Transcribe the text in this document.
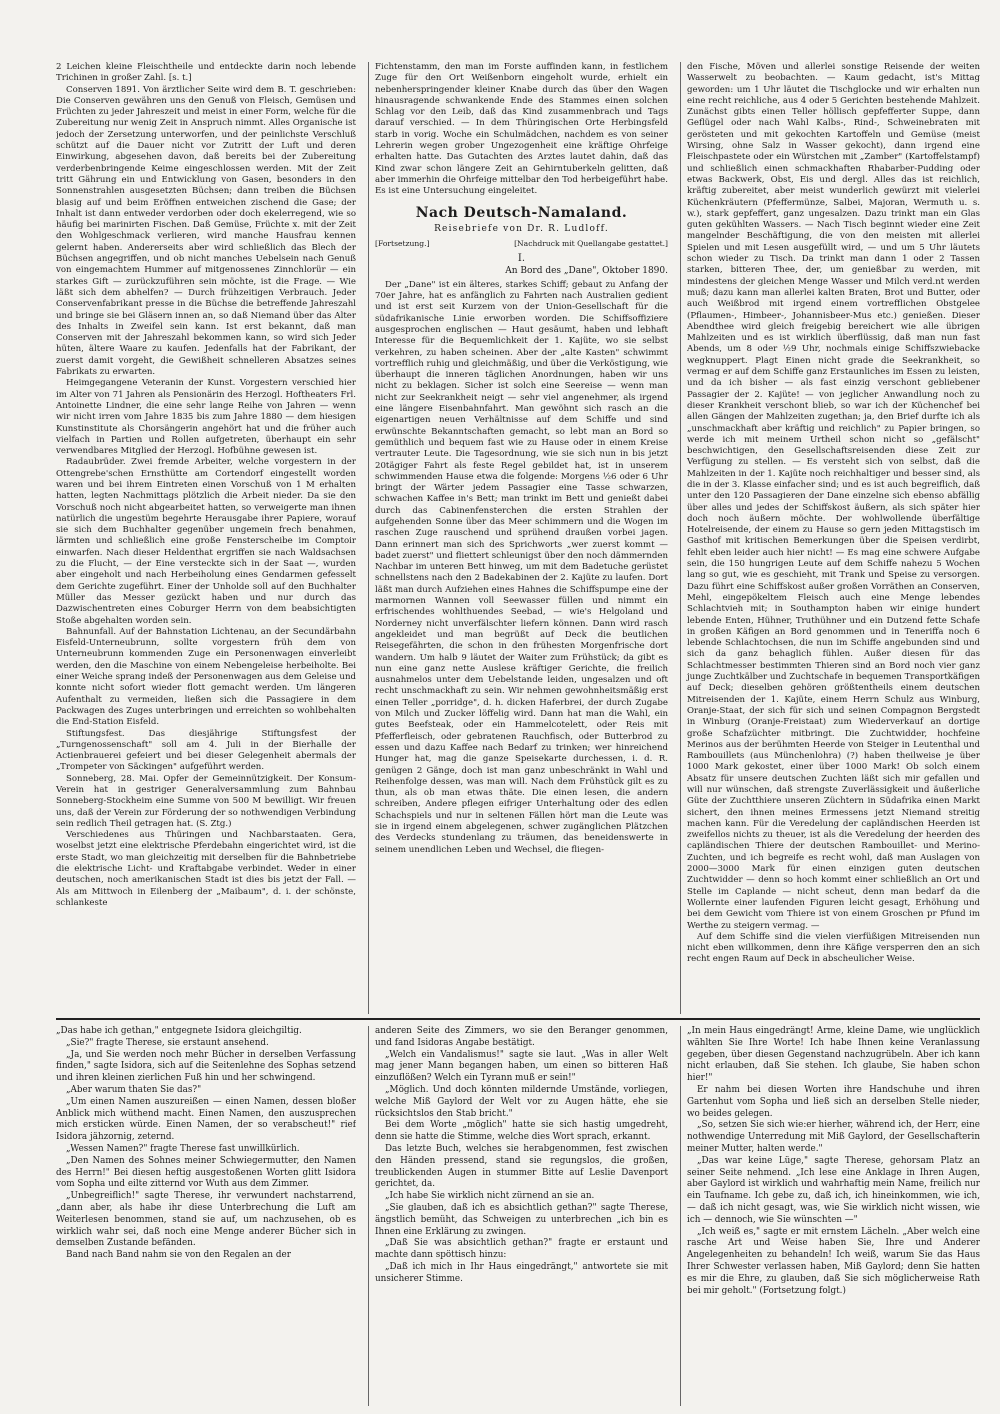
2 Leichen kleine Fleischtheile und entdeckte darin noch lebende Trichinen in großer Zahl. [s. t.]

Conserven 1891. Von ärztlicher Seite wird dem B. T. geschrieben: Die Conserven gewähren uns den Genuß von Fleisch, Gemüsen und Früchten zu jeder Jahreszeit und meist in einer Form, welche für die Zubereitung nur wenig Zeit in Anspruch nimmt. Alles Organische ist jedoch der Zersetzung unterworfen, und der peinlichste Verschluß schützt auf die Dauer nicht vor Zutritt der Luft und deren Einwirkung, abgesehen davon, daß bereits bei der Zubereitung verderbenbringende Keime eingeschlossen werden. Mit der Zeit tritt Gährung ein und Entwicklung von Gasen, besonders in den Sonnenstrahlen ausgesetzten Büchsen; dann treiben die Büchsen blasig auf und beim Eröffnen entweichen zischend die Gase; der Inhalt ist dann entweder verdorben oder doch ekelerregend, wie so häufig bei marinirten Fischen. Daß Gemüse, Früchte x. mit der Zeit den Wohlgeschmack verlieren, wird manche Hausfrau kennen gelernt haben. Andererseits aber wird schließlich das Blech der Büchsen angegriffen, und ob nicht manches Uebelsein nach Genuß von eingemachtem Hummer auf mitgenossenes Zinnchlorür — ein starkes Gift — zurückzuführen sein möchte, ist die Frage. — Wie läßt sich dem abhelfen? — Durch frühzeitigen Verbrauch. Jeder Conservenfabrikant presse in die Büchse die betreffende Jahreszahl und bringe sie bei Gläsern innen an, so daß Niemand über das Alter des Inhalts in Zweifel sein kann. Ist erst bekannt, daß man Conserven mit der Jahreszahl bekommen kann, so wird sich Jeder hüten, ältere Waare zu kaufen. Jedenfalls hat der Fabrikant, der zuerst damit vorgeht, die Gewißheit schnelleren Absatzes seines Fabrikats zu erwarten.

Heimgegangene Veteranin der Kunst. Vorgestern verschied hier im Alter von 71 Jahren als Pensionärin des Herzogl. Hoftheaters Frl. Antoinette Lindner, die eine sehr lange Reihe von Jahren — wenn wir nicht irren vom Jahre 1835 bis zum Jahre 1880 — dem hiesigen Kunstinstitute als Chorsängerin angehört hat und die früher auch vielfach in Partien und Rollen aufgetreten, überhaupt ein sehr verwendbares Mitglied der Herzogl. Hofbühne gewesen ist.

Radaubrüder. Zwei fremde Arbeiter, welche vorgestern in der Ottengrebe'schen Ernsthütte am Cortendorf eingestellt worden waren und bei ihrem Eintreten einen Vorschuß von 1 M erhalten hatten, legten Nachmittags plötzlich die Arbeit nieder. Da sie den Vorschuß noch nicht abgearbeitet hatten, so verweigerte man ihnen natürlich die ungestüm begehrte Herausgabe ihrer Papiere, worauf sie sich dem Buchhalter gegenüber ungemein frech benahmen, lärmten und schließlich eine große Fensterscheibe im Comptoir einwarfen. Nach dieser Heldenthat ergriffen sie nach Waldsachsen zu die Flucht, — der Eine versteckte sich in der Saat —, wurden aber eingeholt und nach Herbeiholung eines Gendarmen gefesselt dem Gerichte zugeführt. Einer der Unholde soll auf den Buchhalter Müller das Messer gezückt haben und nur durch das Dazwischentreten eines Coburger Herrn von dem beabsichtigten Stoße abgehalten worden sein.

Bahnunfall. Auf der Bahnstation Lichtenau, an der Secundärbahn Eisfeld-Unterneubrunn, sollte vorgestern früh dem von Unterneubrunn kommenden Zuge ein Personenwagen einverleibt werden, den die Maschine von einem Nebengeleise herbeiholte. Bei einer Weiche sprang indeß der Personenwagen aus dem Geleise und konnte nicht sofort wieder flott gemacht werden. Um längeren Aufenthalt zu vermeiden, ließen sich die Passagiere in dem Packwagen des Zuges unterbringen und erreichten so wohlbehalten die End-Station Eisfeld.

Stiftungsfest. Das diesjährige Stiftungsfest der „Turngenossenschaft" soll am 4. Juli in der Bierhalle der Actienbrauerei gefeiert und bei dieser Gelegenheit abermals der „Trompeter von Säckingen" aufgeführt werden.

Sonneberg, 28. Mai. Opfer der Gemeinnützigkeit. Der Konsum-Verein hat in gestriger Generalversammlung zum Bahnbau Sonneberg-Stockheim eine Summe von 500 M bewilligt. Wir freuen uns, daß der Verein zur Förderung der so nothwendigen Verbindung sein redlich Theil getragen hat. (S. Ztg.)

Verschiedenes aus Thüringen und Nachbarstaaten. Gera, woselbst jetzt eine elektrische Pferdebahn eingerichtet wird, ist die erste Stadt, wo man gleichzeitig mit derselben für die Bahnbetriebe die elektrische Licht- und Kraftabgabe verbindet. Weder in einer deutschen, noch amerikanischen Stadt ist dies bis jetzt der Fall. — Als am Mittwoch in Eilenberg der „Maibaum", d. i. der schönste, schlankeste

Fichtenstamm, den man im Forste auffinden kann, in festlichem Zuge für den Ort Weißenborn eingeholt wurde, erhielt ein nebenherspringender kleiner Knabe durch das über den Wagen hinausragende schwankende Ende des Stammes einen solchen Schlag vor den Leib, daß das Kind zusammenbrach und Tags darauf verschied. — In dem Thüringischen Orte Herbingsfeld starb in vorig. Woche ein Schulmädchen, nachdem es von seiner Lehrerin wegen grober Ungezogenheit eine kräftige Ohrfeige erhalten hatte. Das Gutachten des Arztes lautet dahin, daß das Kind zwar schon längere Zeit an Gehirntuberkeln gelitten, daß aber immerhin die Ohrfeige mittelbar den Tod herbeigeführt habe. Es ist eine Untersuchung eingeleitet.

Nach Deutsch-Namaland.
Reisebriefe von Dr. R. Ludloff.
[Fortsetzung.]	[Nachdruck mit Quellangabe gestattet.]
I.
An Bord des „Dane", Oktober 1890.

Der „Dane" ist ein älteres, starkes Schiff; gebaut zu Anfang der 70er Jahre, hat es anfänglich zu Fahrten nach Australien gedient und ist erst seit Kurzem von der Union-Gesellschaft für die südafrikanische Linie erworben worden. Die Schiffsoffiziere ausgesprochen englischen — Haut gesäumt, haben und lebhaft Interesse für die Bequemlichkeit der 1. Kajüte, wo sie selbst verkehren, zu haben scheinen. Aber der „alte Kasten" schwimmt vortrefflich ruhig und gleichmäßig, und über die Verköstigung, wie überhaupt die inneren täglichen Anordnungen, haben wir uns nicht zu beklagen. Sicher ist solch eine Seereise — wenn man nicht zur Seekrankheit neigt — sehr viel angenehmer, als irgend eine längere Eisenbahnfahrt. Man gewöhnt sich rasch an die eigenartigen neuen Verhältnisse auf dem Schiffe und sind erwünschte Bekanntschaften gemacht, so lebt man an Bord so gemüthlich und bequem fast wie zu Hause oder in einem Kreise vertrauter Leute. Die Tagesordnung, wie sie sich nun in bis jetzt 20tägiger Fahrt als feste Regel gebildet hat, ist in unserem schwimmenden Hause etwa die folgende: Morgens ½6 oder 6 Uhr bringt der Wärter jedem Passagier eine Tasse schwarzen, schwachen Kaffee in's Bett; man trinkt im Bett und genießt dabei durch das Cabinenfensterchen die ersten Strahlen der aufgehenden Sonne über das Meer schimmern und die Wogen im raschen Zuge rauschend und sprühend draußen vorbei jagen. Dann erinnert man sich des Sprichworts „wer zuerst kommt — badet zuerst" und fliettert schleunigst über den noch dämmernden Nachbar im unteren Bett hinweg, um mit dem Badetuche gerüstet schnellstens nach den 2 Badekabinen der 2. Kajüte zu laufen. Dort läßt man durch Aufziehen eines Hahnes die Schiffspumpe eine der marmornen Wannen voll Seewasser füllen und nimmt ein erfrischendes wohlthuendes Seebad, — wie's Helgoland und Norderney nicht unverfälschter liefern können. Dann wird rasch angekleidet und man begrüßt auf Deck die beutlichen Reisegefährten, die schon in den frühesten Morgenfrische dort wandern. Um halb 9 läutet der Waiter zum Frühstück; da gibt es nun eine ganz nette Auslese kräftiger Gerichte, die freilich ausnahmelos unter dem Uebelstande leiden, ungesalzen und oft recht unschmackhaft zu sein. Wir nehmen gewohnheitsmäßig erst einen Teller „porridge", d. h. dicken Haferbrei, der durch Zugabe von Milch und Zucker löffelig wird. Dann hat man die Wahl, ein gutes Beefsteak, oder ein Hammelcotelett, oder Reis mit Pfefferfleisch, oder gebratenen Rauchfisch, oder Butterbrod zu essen und dazu Kaffee nach Bedarf zu trinken; wer hinreichend Hunger hat, mag die ganze Speisekarte durchessen, i. d. R. genügen 2 Gänge, doch ist man ganz unbeschränkt in Wahl und Reihenfolge dessen, was man will. Nach dem Frühstück gilt es zu thun, als ob man etwas thäte. Die einen lesen, die andern schreiben, Andere pflegen eifriger Unterhaltung oder des edlen Schachspiels und nur in seltenen Fällen hört man die Leute was sie in irgend einem abgelegenen, schwer zugänglichen Plätzchen des Verdecks stundenlang zu träumen, das beneidenswerte in seinem unendlichen Leben und Wechsel, die fliegen-

den Fische, Möven und allerlei sonstige Reisende der weiten Wasserwelt zu beobachten. — Kaum gedacht, ist's Mittag geworden: um 1 Uhr läutet die Tischglocke und wir erhalten nun eine recht reichliche, aus 4 oder 5 Gerichten bestehende Mahlzeit. Zunächst gibts einen Teller höllisch gepfefferter Suppe, dann Geflügel oder nach Wahl Kalbs-, Rind-, Schweinebraten mit gerösteten und mit gekochten Kartoffeln und Gemüse (meist Wirsing, ohne Salz in Wasser gekocht), dann irgend eine Fleischpastete oder ein Würstchen mit „Zamber" (Kartoffelstampf) und schließlich einen schmackhaften Rhabarber-Pudding oder etwas Backwerk, Obst, Eis und dergl. Alles das ist reichlich, kräftig zubereitet, aber meist wunderlich gewürzt mit vielerlei Küchenkräutern (Pfeffermünze, Salbei, Majoran, Wermuth u. s. w.), stark gepfeffert, ganz ungesalzen. Dazu trinkt man ein Glas guten gekühlten Wassers. — Nach Tisch beginnt wieder eine Zeit mangelnder Beschäftigung, die von den meisten mit allerlei Spielen und mit Lesen ausgefüllt wird, — und um 5 Uhr läutets schon wieder zu Tisch. Da trinkt man dann 1 oder 2 Tassen starken, bitteren Thee, der, um genießbar zu werden, mit mindestens der gleichen Menge Wasser und Milch verd.nt werden muß; dazu kann man allerlei kalten Braten, Brot und Butter, oder auch Weißbrod mit irgend einem vortrefflichen Obstgelee (Pflaumen-, Himbeer-, Johannisbeer-Mus etc.) genießen. Dieser Abendthee wird gleich freigebig bereichert wie alle übrigen Mahlzeiten und es ist wirklich überflüssig, daß man nun fast Abends, um 8 oder ½9 Uhr, nochmals einige Schiffszwiebacke wegknuppert. Plagt Einen nicht grade die Seekrankheit, so vermag er auf dem Schiffe ganz Erstaunliches im Essen zu leisten, und da ich bisher — als fast einzig verschont gebliebener Passagier der 2. Kajüte! — von jeglicher Anwandlung noch zu dieser Krankheit verschont blieb, so war ich der Küchenchef bei allen Gängen der Mahlzeiten zugethan; ja, den Brief durfte ich als „unschmackhaft aber kräftig und reichlich" zu Papier bringen, so werde ich mit meinem Urtheil schon nicht so „gefälscht" beschwichtigen, den Gesellschaftsreisenden diese Zeit zur Verfügung zu stellen. — Es versteht sich von selbst, daß die Mahlzeiten in der 1. Kajüte noch reichhaltiger und besser sind, als die in der 3. Klasse einfacher sind; und es ist auch begreiflich, daß unter den 120 Passagieren der Dane einzelne sich ebenso abfällig über alles und jedes der Schiffskost äußern, als sich später hier doch noch äußern möchte. Der wohlwollende überfältige Hotelreisende, der einem zu Hause so gern jeden Mittagstisch im Gasthof mit kritischen Bemerkungen über die Speisen verdirbt, fehlt eben leider auch hier nicht! — Es mag eine schwere Aufgabe sein, die 150 hungrigen Leute auf dem Schiffe nahezu 5 Wochen lang so gut, wie es geschieht, mit Trank und Speise zu versorgen. Dazu führt eine Schiffskost außer großen Vorräthen an Conserven, Mehl, eingepökeltem Fleisch auch eine Menge lebendes Schlachtvieh mit; in Southampton haben wir einige hundert lebende Enten, Hühner, Truthühner und ein Dutzend fette Schafe in großen Käfigen an Bord genommen und in Teneriffa noch 6 lebende Schlachtochsen, die nun im Schiffe angebunden sind und sich da ganz behaglich fühlen. Außer diesen für das Schlachtmesser bestimmten Thieren sind an Bord noch vier ganz junge Zuchtkälber und Zuchtschafe in bequemen Transportkäfigen auf Deck; dieselben gehören größtentheils einem deutschen Mitreisenden der 1. Kajüte, einem Herrn Schulz aus Winburg, Oranje-Staat, der sich für sich und seinen Compagnon Bergstedt in Winburg (Oranje-Freistaat) zum Wiederverkauf an dortige große Schafzüchter mitbringt. Die Zuchtwidder, hochfeine Merinos aus der berühmten Heerde von Steiger in Leutenthal und Rambouillets (aus Münchenlohra) (?) haben theilweise je über 1000 Mark gekostet, einer über 1000 Mark! Ob solch einem Absatz für unsere deutschen Zuchten läßt sich mir gefallen und will nur wünschen, daß strengste Zuverlässigkeit und äußerliche Güte der Zuchtthiere unseren Züchtern in Südafrika einen Markt sichert, den ihnen meines Ermessens jetzt Niemand streitig machen kann. Für die Veredelung der capländischen Heerden ist zweifellos nichts zu theuer, ist als die Veredelung der heerden des capländischen Thiere der deutschen Rambouillet- und Merino-Zuchten, und ich begreife es recht wohl, daß man Auslagen von 2000—3000 Mark für einen einzigen guten deutschen Zuchtwidder — denn so hoch kommt einer schließlich an Ort und Stelle im Caplande — nicht scheut, denn man bedarf da die Wollernte einer laufenden Figuren leicht gesagt, Erhöhung und bei dem Gewicht vom Thiere ist von einem Groschen pr Pfund im Werthe zu steigern vermag. —

Auf dem Schiffe sind die vielen vierfüßigen Mitreisenden nun nicht eben willkommen, denn ihre Käfige versperren den an sich recht engen Raum auf Deck in abscheulicher Weise.

„Das habe ich gethan," entgegnete Isidora gleichgiltig.

„Sie?" fragte Therese, sie erstaunt ansehend.

„Ja, und Sie werden noch mehr Bücher in derselben Verfassung finden," sagte Isidora, sich auf die Seitenlehne des Sophas setzend und ihren kleinen zierlichen Fuß hin und her schwingend.

„Aber warum thaten Sie das?"

„Um einen Namen auszureißen — einen Namen, dessen bloßer Anblick mich wüthend macht. Einen Namen, den auszusprechen mich ersticken würde. Einen Namen, der so verabscheut!" rief Isidora jähzornig, zeternd.

„Wessen Namen?" fragte Therese fast unwillkürlich.

„Den Namen des Sohnes meiner Schwiegermutter, den Namen des Herrn!" Bei diesen heftig ausgestoßenen Worten glitt Isidora vom Sopha und eilte zitternd vor Wuth aus dem Zimmer.

„Unbegreiflich!" sagte Therese, ihr verwundert nachstarrend, „dann aber, als habe ihr diese Unterbrechung die Luft am Weiterlesen benommen, stand sie auf, um nachzusehen, ob es wirklich wahr sei, daß noch eine Menge anderer Bücher sich in demselben Zustande befänden.

Band nach Band nahm sie von den Regalen an der

anderen Seite des Zimmers, wo sie den Beranger genommen, und fand Isidoras Angabe bestätigt.

„Welch ein Vandalismus!" sagte sie laut. „Was in aller Welt mag jener Mann begangen haben, um einen so bitteren Haß einzuflößen? Welch ein Tyrann muß er sein!"

„Möglich. Und doch könnten mildernde Umstände, vorliegen, welche Miß Gaylord der Welt vor zu Augen hätte, ehe sie rücksichtslos den Stab bricht."

Bei dem Worte „möglich" hatte sie sich hastig umgedreht, denn sie hatte die Stimme, welche dies Wort sprach, erkannt.

Das letzte Buch, welches sie herabgenommen, fest zwischen den Händen pressend, stand sie regungslos, die großen, treublickenden Augen in stummer Bitte auf Leslie Davenport gerichtet, da.

„Ich habe Sie wirklich nicht zürnend an sie an.

„Sie glauben, daß ich es absichtlich gethan?" sagte Therese, ängstlich bemüht, das Schweigen zu unterbrechen „ich bin es Ihnen eine Erklärung zu zwingen.

„Daß Sie was absichtlich gethan?" fragte er erstaunt und machte dann spöttisch hinzu:

„Daß ich mich in Ihr Haus eingedrängt," antwortete sie mit unsicherer Stimme.

„In mein Haus eingedrängt! Arme, kleine Dame, wie unglücklich wählten Sie Ihre Worte! Ich habe Ihnen keine Veranlassung gegeben, über diesen Gegenstand nachzugrübeln. Aber ich kann nicht erlauben, daß Sie stehen. Ich glaube, Sie haben schon hier!"

Er nahm bei diesen Worten ihre Handschuhe und ihren Gartenhut vom Sopha und ließ sich an derselben Stelle nieder, wo beides gelegen.

„So, setzen Sie sich wie:er hierher, während ich, der Herr, eine nothwendige Unterredung mit Miß Gaylord, der Gesellschafterin meiner Mutter, halten werde."

„Das war keine Lüge," sagte Therese, gehorsam Platz an seiner Seite nehmend. „Ich lese eine Anklage in Ihren Augen, aber Gaylord ist wirklich und wahrhaftig mein Name, freilich nur ein Taufname. Ich gebe zu, daß ich, ich hineinkommen, wie ich, — daß ich nicht gesagt, was, wie Sie wirklich nicht wissen, wie ich — dennoch, wie Sie wünschten —"

„Ich weiß es," sagte er mit ernstem Lächeln. „Aber welch eine rasche Art und Weise haben Sie, Ihre und Anderer Angelegenheiten zu behandeln! Ich weiß, warum Sie das Haus Ihrer Schwester verlassen haben, Miß Gaylord; denn Sie hatten es mir die Ehre, zu glauben, daß Sie sich möglicherweise Rath bei mir geholt." (Fortsetzung folgt.)
